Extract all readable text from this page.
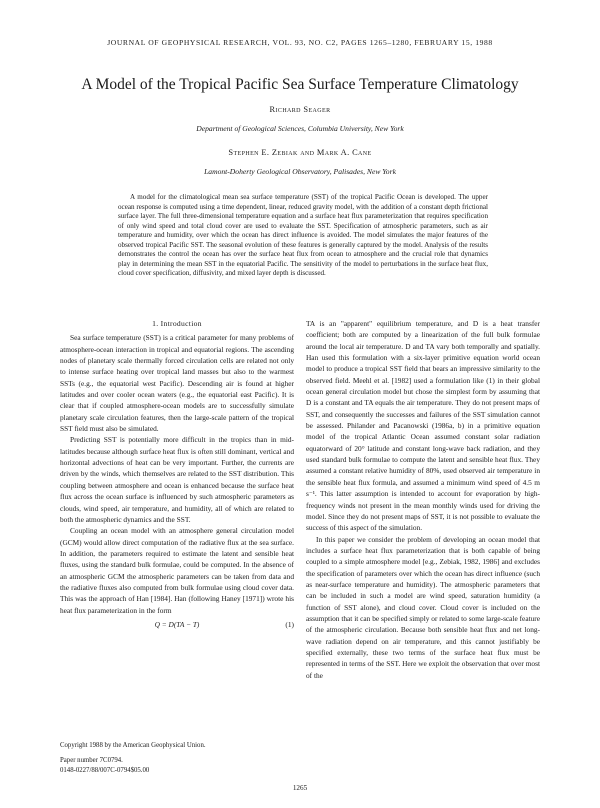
JOURNAL OF GEOPHYSICAL RESEARCH, VOL. 93, NO. C2, PAGES 1265–1280, FEBRUARY 15, 1988
A Model of the Tropical Pacific Sea Surface Temperature Climatology
Richard Seager
Department of Geological Sciences, Columbia University, New York
Stephen E. Zebiak and Mark A. Cane
Lamont-Doherty Geological Observatory, Palisades, New York
A model for the climatological mean sea surface temperature (SST) of the tropical Pacific Ocean is developed. The upper ocean response is computed using a time dependent, linear, reduced gravity model, with the addition of a constant depth frictional surface layer. The full three-dimensional temperature equation and a surface heat flux parameterization that requires specification of only wind speed and total cloud cover are used to evaluate the SST. Specification of atmospheric parameters, such as air temperature and humidity, over which the ocean has direct influence is avoided. The model simulates the major features of the observed tropical Pacific SST. The seasonal evolution of these features is generally captured by the model. Analysis of the results demonstrates the control the ocean has over the surface heat flux from ocean to atmosphere and the crucial role that dynamics play in determining the mean SST in the equatorial Pacific. The sensitivity of the model to perturbations in the surface heat flux, cloud cover specification, diffusivity, and mixed layer depth is discussed.
1. Introduction

Sea surface temperature (SST) is a critical parameter for many problems of atmosphere-ocean interaction in tropical and equatorial regions. The ascending nodes of planetary scale thermally forced circulation cells are related not only to intense surface heating over tropical land masses but also to the warmest SSTs (e.g., the equatorial west Pacific). Descending air is found at higher latitudes and over cooler ocean waters (e.g., the equatorial east Pacific). It is clear that if coupled atmosphere-ocean models are to successfully simulate planetary scale circulation features, then the large-scale pattern of the tropical SST field must also be simulated.

Predicting SST is potentially more difficult in the tropics than in mid-latitudes because although surface heat flux is often still dominant, vertical and horizontal advections of heat can be very important. Further, the currents are driven by the winds, which themselves are related to the SST distribution. This coupling between atmosphere and ocean is enhanced because the surface heat flux across the ocean surface is influenced by such atmospheric parameters as clouds, wind speed, air temperature, and humidity, all of which are related to both the atmospheric dynamics and the SST.

Coupling an ocean model with an atmosphere general circulation model (GCM) would allow direct computation of the radiative flux at the sea surface. In addition, the parameters required to estimate the latent and sensible heat fluxes, using the standard bulk formulae, could be computed. In the absence of an atmospheric GCM the atmospheric parameters can be taken from data and the radiative fluxes also computed from bulk formulae using cloud cover data. This was the approach of Han [1984]. Han (following Haney [1971]) wrote his heat flux parameterization in the form

Q = D(TA − T)	(1)

TA is an "apparent" equilibrium temperature, and D is a heat transfer coefficient; both are computed by a linearization of the full bulk formulae around the local air temperature. D and TA vary both temporally and spatially. Han used this formulation with a six-layer primitive equation world ocean model to produce a tropical SST field that bears an impressive similarity to the observed field. Meehl et al. [1982] used a formulation like (1) in their global ocean general circulation model but chose the simplest form by assuming that D is a constant and TA equals the air temperature. They do not present maps of SST, and consequently the successes and failures of the SST simulation cannot be assessed. Philander and Pacanowski (1986a, b) in a primitive equation model of the tropical Atlantic Ocean assumed constant solar radiation equatorward of 20° latitude and constant long-wave back radiation, and they used standard bulk formulae to compute the latent and sensible heat flux. They assumed a constant relative humidity of 80%, used observed air temperature in the sensible heat flux formula, and assumed a minimum wind speed of 4.5 m s⁻¹. This latter assumption is intended to account for evaporation by high-frequency winds not present in the mean monthly winds used for driving the model. Since they do not present maps of SST, it is not possible to evaluate the success of this aspect of the simulation.

In this paper we consider the problem of developing an ocean model that includes a surface heat flux parameterization that is both capable of being coupled to a simple atmosphere model [e.g., Zebiak, 1982, 1986] and excludes the specification of parameters over which the ocean has direct influence (such as near-surface temperature and humidity). The atmospheric parameters that can be included in such a model are wind speed, saturation humidity (a function of SST alone), and cloud cover. Cloud cover is included on the assumption that it can be specified simply or related to some large-scale feature of the atmospheric circulation. Because both sensible heat flux and net long-wave radiation depend on air temperature, and this cannot justifiably be specified externally, these two terms of the surface heat flux must be represented in terms of the SST. Here we exploit the observation that over most of the

Copyright 1988 by the American Geophysical Union.
Paper number 7C0794.
0148-0227/88/007C-0794$05.00
1265
